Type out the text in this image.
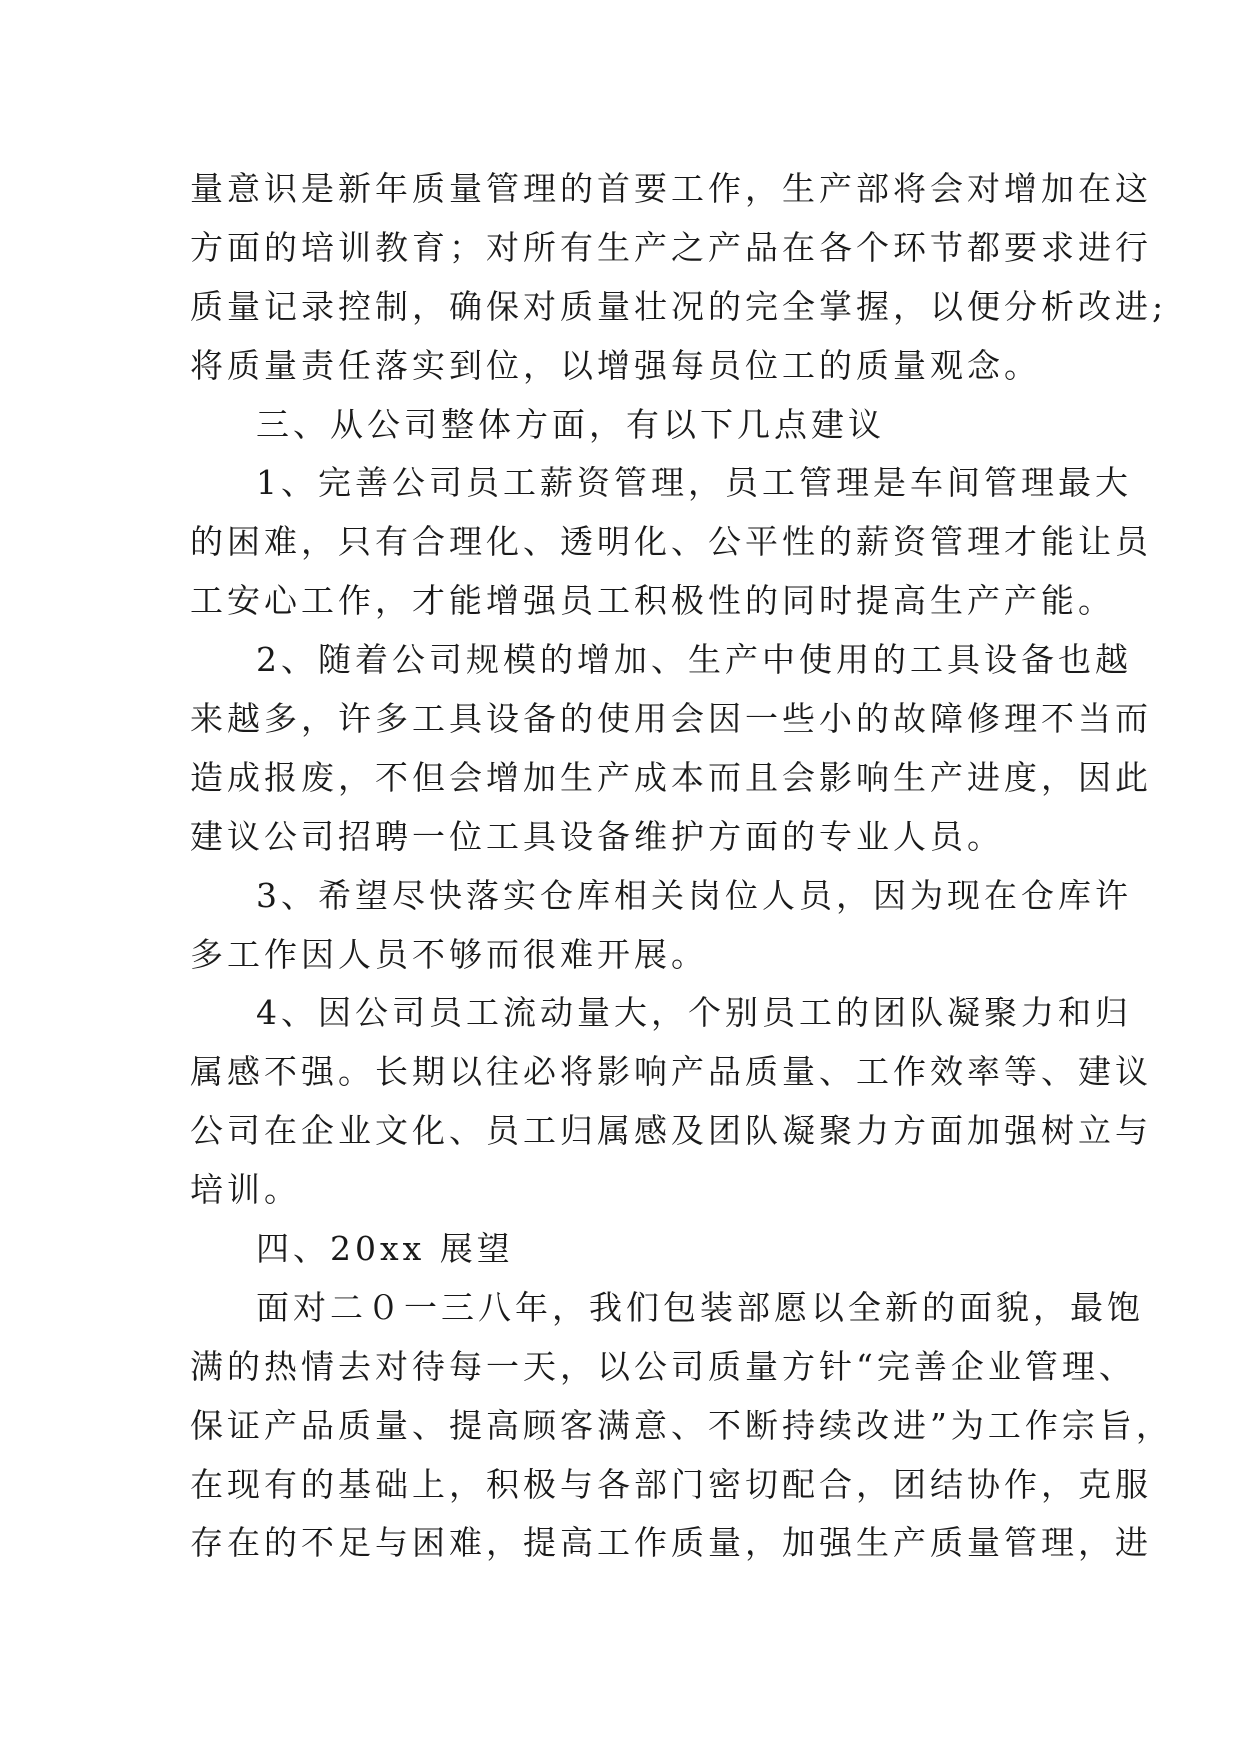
量意识是新年质量管理的首要工作，生产部将会对增加在这
方面的培训教育；对所有生产之产品在各个环节都要求进行
质量记录控制，确保对质量壮况的完全掌握，以便分析改进;
将质量责任落实到位，以增强每员位工的质量观念。
三、从公司整体方面，有以下几点建议
1、完善公司员工薪资管理，员工管理是车间管理最大
的困难，只有合理化、透明化、公平性的薪资管理才能让员
工安心工作，才能增强员工积极性的同时提高生产产能。
2、随着公司规模的增加、生产中使用的工具设备也越
来越多，许多工具设备的使用会因一些小的故障修理不当而
造成报废，不但会增加生产成本而且会影响生产进度，因此
建议公司招聘一位工具设备维护方面的专业人员。
3、希望尽快落实仓库相关岗位人员，因为现在仓库许
多工作因人员不够而很难开展。
4、因公司员工流动量大，个别员工的团队凝聚力和归
属感不强。长期以往必将影响产品质量、工作效率等、建议
公司在企业文化、员工归属感及团队凝聚力方面加强树立与
培训。
四、20xx 展望
面对二０一三八年，我们包装部愿以全新的面貌，最饱
满的热情去对待每一天，以公司质量方针“完善企业管理、
保证产品质量、提高顾客满意、不断持续改进”为工作宗旨，
在现有的基础上，积极与各部门密切配合，团结协作，克服
存在的不足与困难，提高工作质量，加强生产质量管理，进
